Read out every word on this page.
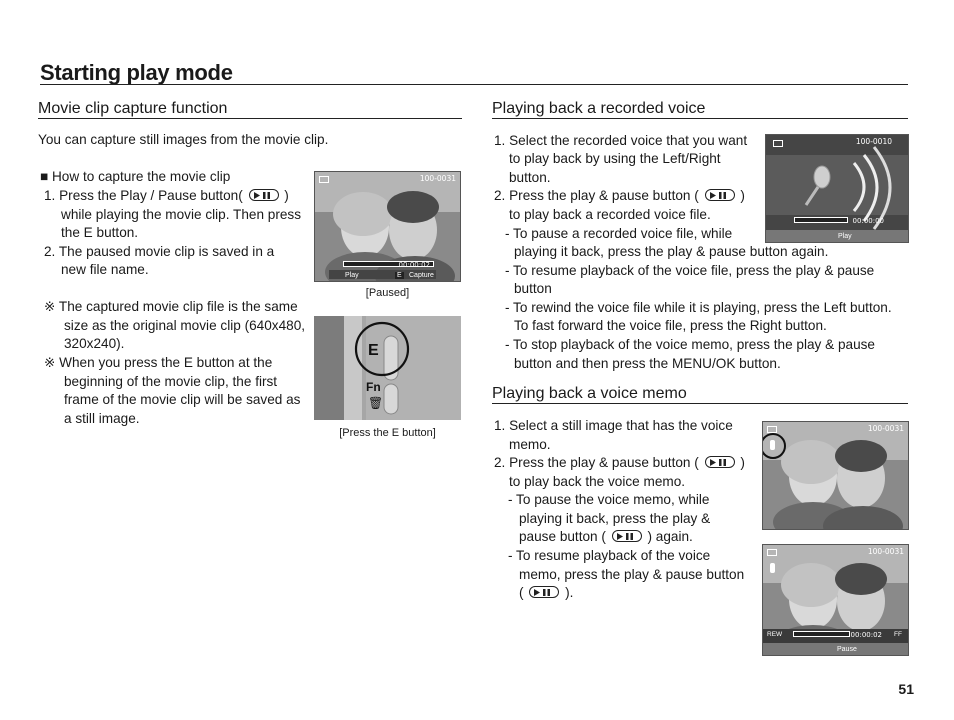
Starting play mode
Movie clip capture function
You can capture still images from the movie clip.
■ How to capture the movie clip
1. Press the Play / Pause button(	)
while playing the movie clip. Then press
the E button.
2. The paused movie clip is saved in a
new file name.
※ The captured movie clip file is the same
size as the original movie clip (640x480,
320x240).
※ When you press the E button at the
beginning of the movie clip, the first
frame of the movie clip will be saved as
a still image.
100-0031
00:00:02
Play	E Capture
[Paused]
E
Fn
🗑
[Press the E button]
Playing back a recorded voice
1. Select the recorded voice that you want
to play back by using the Left/Right
button.
2. Press the play & pause button (	)
to play back a recorded voice file.
- To pause a recorded voice file, while
playing it back, press the play & pause button again.
- To resume playback of the voice file, press the play & pause
button
- To rewind the voice file while it is playing, press the Left button.
To fast forward the voice file, press the Right button.
- To stop playback of the voice memo, press the play & pause
button and then press the MENU/OK button.
100-0010
00:00:00
Play
Playing back a voice memo
1. Select a still image that has the voice
memo.
2. Press the play & pause button (	)
to play back the voice memo.
- To pause the voice memo, while
playing it back, press the play &
pause button (	) again.
- To resume playback of the voice
memo, press the play & pause button
(	).
100-0031
100-0031
REW	00:00:02 FF
Pause
51
